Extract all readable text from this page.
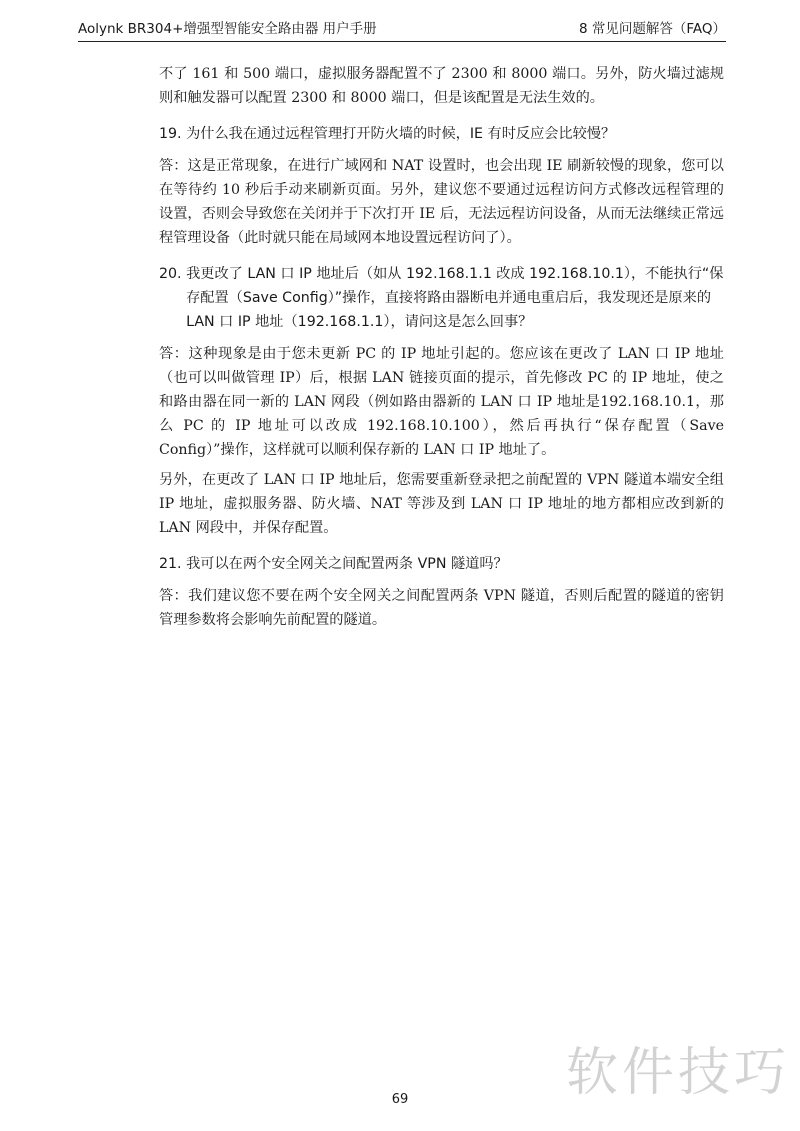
Aolynk BR304+增强型智能安全路由器 用户手册	8 常见问题解答（FAQ）

不了 161 和 500 端口，虚拟服务器配置不了 2300 和 8000 端口。另外，防火墙过滤规则和触发器可以配置 2300 和 8000 端口，但是该配置是无法生效的。

19.
为什么我在通过远程管理打开防火墙的时候，IE 有时反应会比较慢？

答：这是正常现象，在进行广域网和 NAT 设置时，也会出现 IE 刷新较慢的现象，您可以在等待约 10 秒后手动来刷新页面。另外，建议您不要通过远程访问方式修改远程管理的设置，否则会导致您在关闭并于下次打开 IE 后，无法远程访问设备，从而无法继续正常远程管理设备（此时就只能在局域网本地设置远程访问了）。

20.
我更改了 LAN 口 IP 地址后（如从 192.168.1.1 改成 192.168.10.1），不能执行“保存配置（Save Config）”操作，直接将路由器断电并通电重启后，我发现还是原来的 LAN 口 IP 地址（192.168.1.1），请问这是怎么回事？

答：这种现象是由于您未更新 PC 的 IP 地址引起的。您应该在更改了 LAN 口 IP 地址（也可以叫做管理 IP）后，根据 LAN 链接页面的提示，首先修改 PC 的 IP 地址，使之和路由器在同一新的 LAN 网段（例如路由器新的 LAN 口 IP 地址是192.168.10.1，那么 PC 的 IP 地址可以改成 192.168.10.100），然后再执行“保存配置（Save Config）”操作，这样就可以顺利保存新的 LAN 口 IP 地址了。

另外，在更改了 LAN 口 IP 地址后，您需要重新登录把之前配置的 VPN 隧道本端安全组 IP 地址，虚拟服务器、防火墙、NAT 等涉及到 LAN 口 IP 地址的地方都相应改到新的 LAN 网段中，并保存配置。

21.
我可以在两个安全网关之间配置两条 VPN 隧道吗？

答：我们建议您不要在两个安全网关之间配置两条 VPN 隧道，否则后配置的隧道的密钥管理参数将会影响先前配置的隧道。

软件技巧
69
